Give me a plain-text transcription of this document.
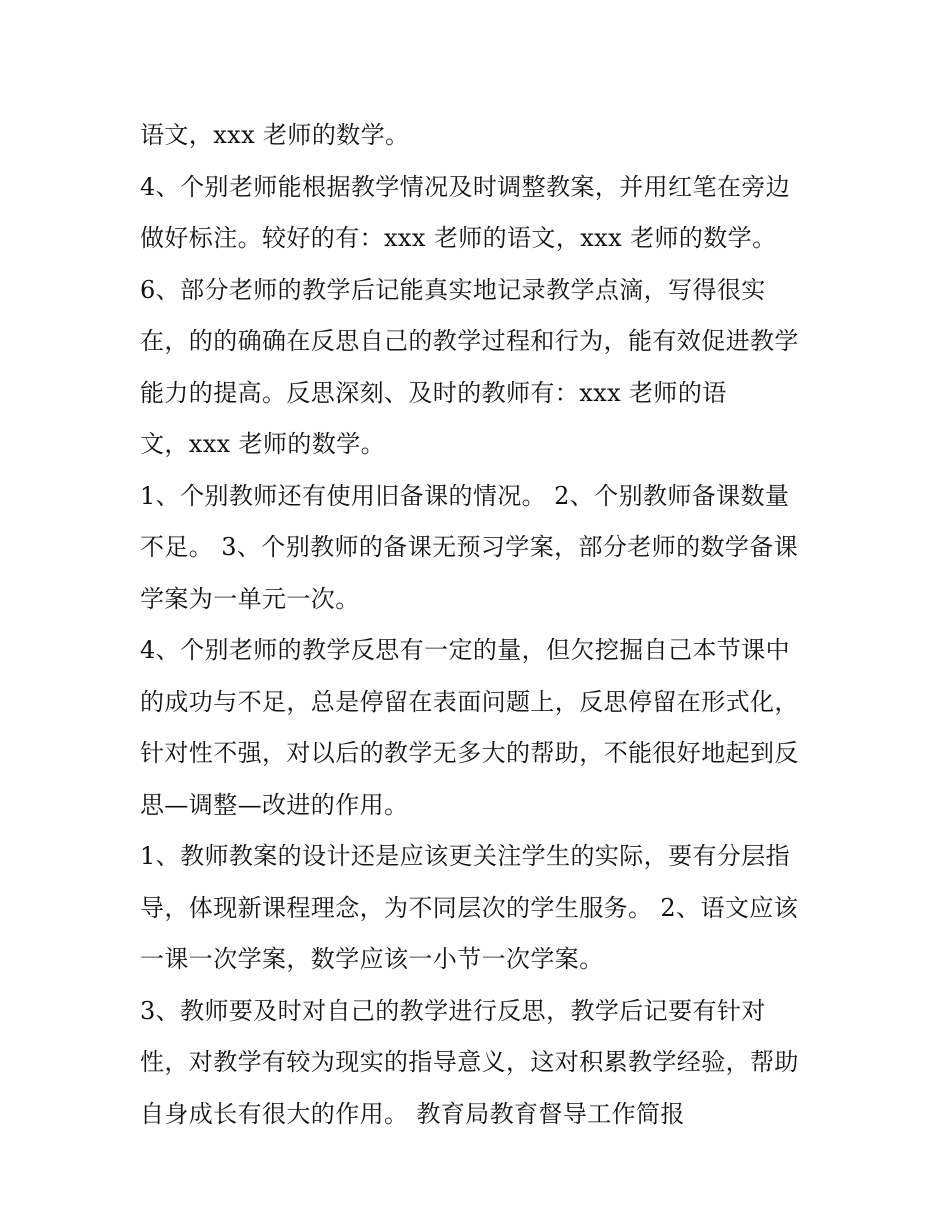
语文，xxx 老师的数学。
4、个别老师能根据教学情况及时调整教案，并用红笔在旁边
做好标注。较好的有：xxx 老师的语文，xxx 老师的数学。
6、部分老师的教学后记能真实地记录教学点滴，写得很实
在，的的确确在反思自己的教学过程和行为，能有效促进教学
能力的提高。反思深刻、及时的教师有：xxx 老师的语
文，xxx 老师的数学。
1、个别教师还有使用旧备课的情况。 2、个别教师备课数量
不足。 3、个别教师的备课无预习学案，部分老师的数学备课
学案为一单元一次。
4、个别老师的教学反思有一定的量，但欠挖掘自己本节课中
的成功与不足，总是停留在表面问题上，反思停留在形式化，
针对性不强，对以后的教学无多大的帮助，不能很好地起到反
思—调整—改进的作用。
1、教师教案的设计还是应该更关注学生的实际，要有分层指
导，体现新课程理念，为不同层次的学生服务。 2、语文应该
一课一次学案，数学应该一小节一次学案。
3、教师要及时对自己的教学进行反思，教学后记要有针对
性，对教学有较为现实的指导意义，这对积累教学经验，帮助
自身成长有很大的作用。 教育局教育督导工作简报
